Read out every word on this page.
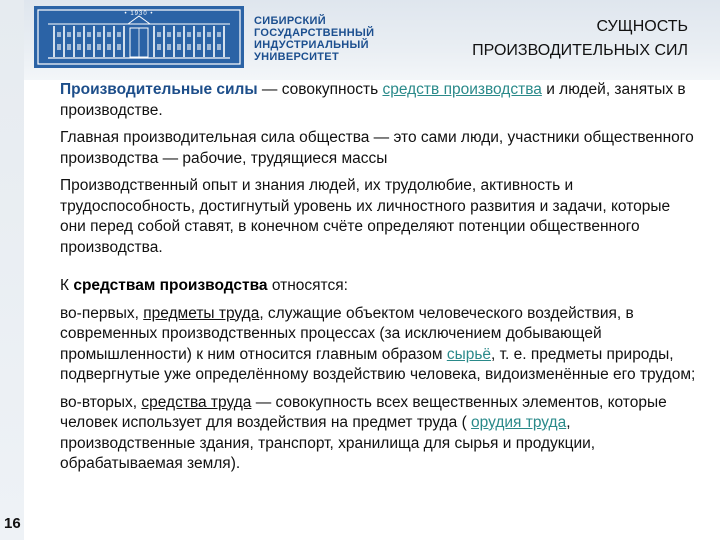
• 1930 •
СИБИРСКИЙ
ГОСУДАРСТВЕННЫЙ
ИНДУСТРИАЛЬНЫЙ
УНИВЕРСИТЕТ
СУЩНОСТЬ
ПРОИЗВОДИТЕЛЬНЫХ СИЛ

Производительные силы — совокупность средств производства и людей, занятых в производстве.

Главная производительная сила общества — это сами люди, участники общественного производства — рабочие, трудящиеся массы

Производственный опыт и знания людей, их трудолюбие, активность и трудоспособность, достигнутый уровень их личностного развития и задачи, которые они перед собой ставят, в конечном счёте определяют потенции общественного производства.

К средствам производства относятся:

во-первых, предметы труда, служащие объектом человеческого воздействия, в современных производственных процессах (за исключением добывающей промышленности) к ним относится главным образом сырьё, т. е. предметы природы, подвергнутые уже определённому воздействию человека, видоизменённые его трудом;

во-вторых, средства труда — совокупность всех вещественных элементов, которые человек использует для воздействия на предмет труда ( орудия труда, производственные здания, транспорт, хранилища для сырья и продукции, обрабатываемая земля).

16
